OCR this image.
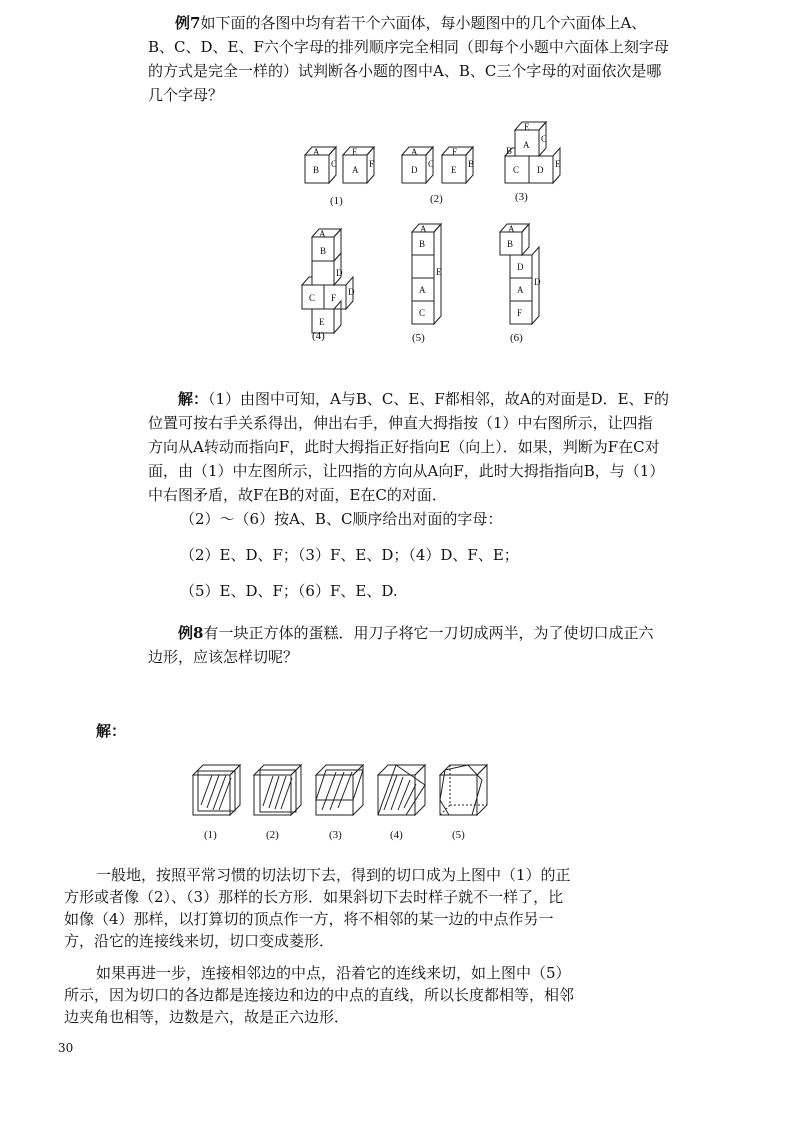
例7如下面的各图中均有若干个六面体，每小题图中的几个六面体上A、
B、C、D、E、F六个字母的排列顺序完全相同（即每个小题中六面体上刻字母
的方式是完全一样的）试判断各小题的图中A、B、C三个字母的对面依次是哪
几个字母？
A
B
C
E
A
F
A
D
C
F
E
B
E
A
C
B
C D
E
A
B
D
C F
D
E
A
B
A
C
E
A
B
D
A
F
D
(1)	(2)	(3)
(4)	(5)	(6)
解：（1）由图中可知，A与B、C、E、F都相邻，故A的对面是D．E、F的
位置可按右手关系得出，伸出右手，伸直大拇指按（1）中右图所示，让四指
方向从A转动而指向F，此时大拇指正好指向E（向上）．如果，判断为F在C对
面，由（1）中左图所示，让四指的方向从A向F，此时大拇指指向B，与（1）
中右图矛盾，故F在B的对面，E在C的对面．
（2）～（6）按A、B、C顺序给出对面的字母：
（2）E、D、F；（3）F、E、D；（4）D、F、E；
（5）E、D、F；（6）F、E、D.
例8有一块正方体的蛋糕．用刀子将它一刀切成两半，为了使切口成正六
边形，应该怎样切呢？
解：
(1)	(2)	(3)	(4)	(5)
一般地，按照平常习惯的切法切下去，得到的切口成为上图中（1）的正
方形或者像（2）、（3）那样的长方形．如果斜切下去时样子就不一样了，比
如像（4）那样，以打算切的顶点作一方，将不相邻的某一边的中点作另一
方，沿它的连接线来切，切口变成菱形．
如果再进一步，连接相邻边的中点，沿着它的连线来切，如上图中（5）
所示，因为切口的各边都是连接边和边的中点的直线，所以长度都相等，相邻
边夹角也相等，边数是六，故是正六边形．
30
